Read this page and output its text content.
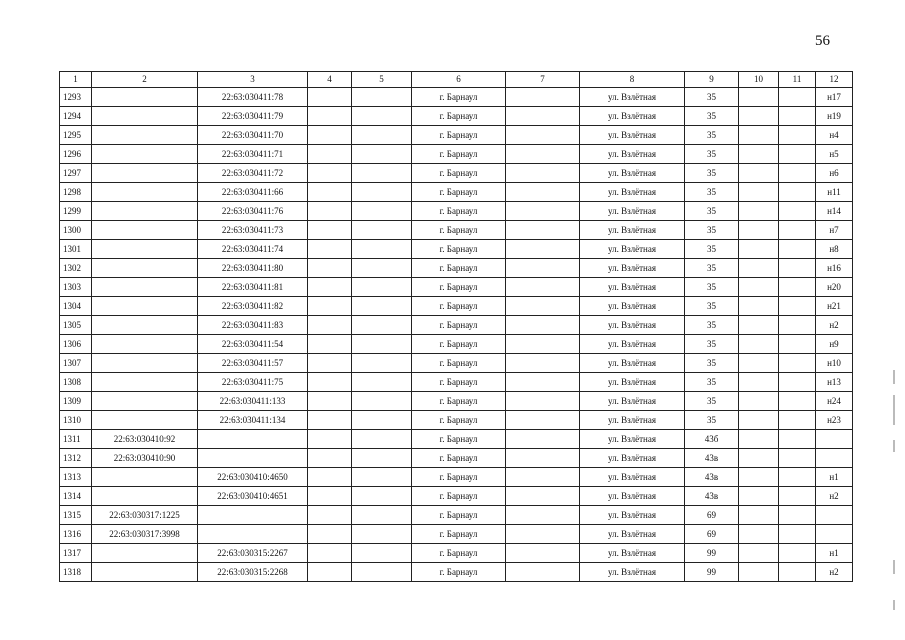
56
1	2	3	4	5	6	7	8	9	10	11	12
1293		22:63:030411:78			г. Барнаул		ул. Взлётная	35			н17
1294		22:63:030411:79			г. Барнаул		ул. Взлётная	35			н19
1295		22:63:030411:70			г. Барнаул		ул. Взлётная	35			н4
1296		22:63:030411:71			г. Барнаул		ул. Взлётная	35			н5
1297		22:63:030411:72			г. Барнаул		ул. Взлётная	35			н6
1298		22:63:030411:66			г. Барнаул		ул. Взлётная	35			н11
1299		22:63:030411:76			г. Барнаул		ул. Взлётная	35			н14
1300		22:63:030411:73			г. Барнаул		ул. Взлётная	35			н7
1301		22:63:030411:74			г. Барнаул		ул. Взлётная	35			н8
1302		22:63:030411:80			г. Барнаул		ул. Взлётная	35			н16
1303		22:63:030411:81			г. Барнаул		ул. Взлётная	35			н20
1304		22:63:030411:82			г. Барнаул		ул. Взлётная	35			н21
1305		22:63:030411:83			г. Барнаул		ул. Взлётная	35			н2
1306		22:63:030411:54			г. Барнаул		ул. Взлётная	35			н9
1307		22:63:030411:57			г. Барнаул		ул. Взлётная	35			н10
1308		22:63:030411:75			г. Барнаул		ул. Взлётная	35			н13
1309		22:63:030411:133			г. Барнаул		ул. Взлётная	35			н24
1310		22:63:030411:134			г. Барнаул		ул. Взлётная	35			н23
1311	22:63:030410:92				г. Барнаул		ул. Взлётная	43б			
1312	22:63:030410:90				г. Барнаул		ул. Взлётная	43в			
1313		22:63:030410:4650			г. Барнаул		ул. Взлётная	43в			н1
1314		22:63:030410:4651			г. Барнаул		ул. Взлётная	43в			н2
1315	22:63:030317:1225				г. Барнаул		ул. Взлётная	69			
1316	22:63:030317:3998				г. Барнаул		ул. Взлётная	69			
1317		22:63:030315:2267			г. Барнаул		ул. Взлётная	99			н1
1318		22:63:030315:2268			г. Барнаул		ул. Взлётная	99			н2
